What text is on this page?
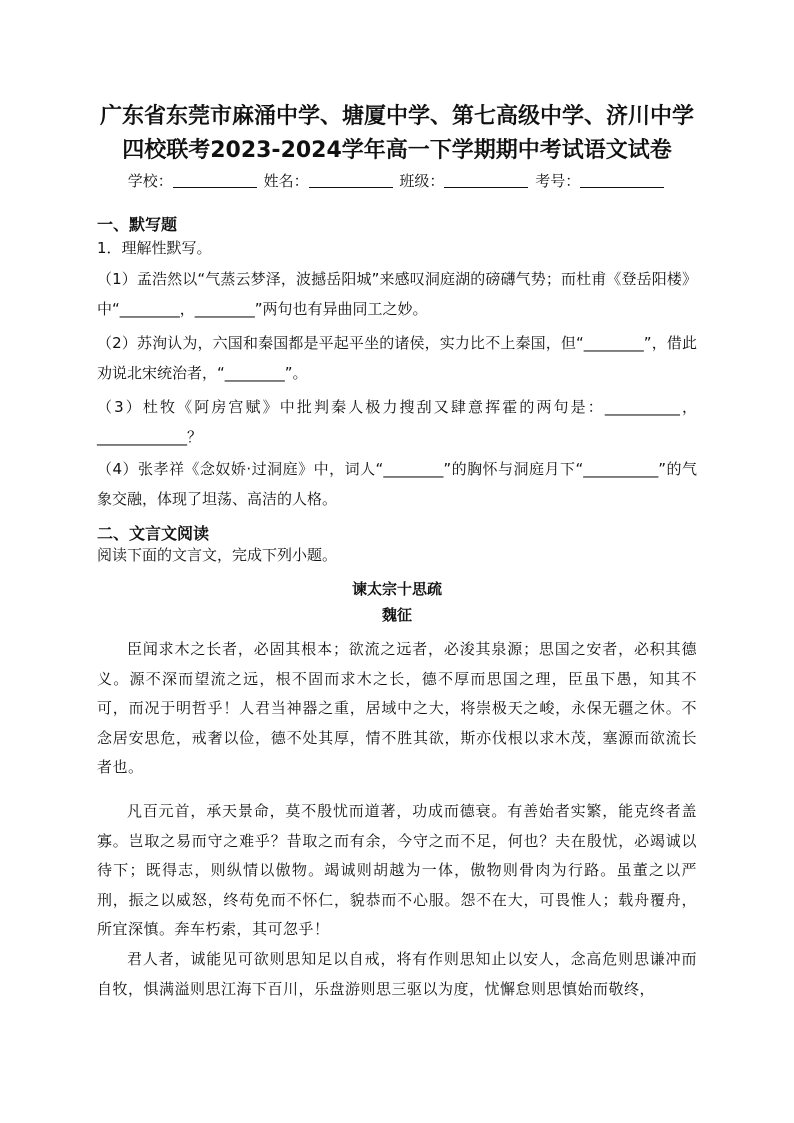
广东省东莞市麻涌中学、塘厦中学、第七高级中学、济川中学四校联考2023-2024学年高一下学期期中考试语文试卷
学校：	姓名：	班级：	考号：
一、默写题

1．理解性默写。

（1）孟浩然以“气蒸云梦泽，波撼岳阳城”来感叹洞庭湖的磅礴气势；而杜甫《登岳阳楼》中“________，________”两句也有异曲同工之妙。

（2）苏洵认为，六国和秦国都是平起平坐的诸侯，实力比不上秦国，但“________”，借此劝说北宋统治者，“________”。

（3）杜牧《阿房宫赋》中批判秦人极力搜刮又肆意挥霍的两句是：__________，____________？

（4）张孝祥《念奴娇·过洞庭》中，词人“________”的胸怀与洞庭月下“__________”的气象交融，体现了坦荡、高洁的人格。

二、文言文阅读

阅读下面的文言文，完成下列小题。

谏太宗十思疏

魏征

臣闻求木之长者，必固其根本；欲流之远者，必浚其泉源；思国之安者，必积其德义。源不深而望流之远，根不固而求木之长，德不厚而思国之理，臣虽下愚，知其不可，而况于明哲乎！人君当神器之重，居域中之大，将崇极天之峻，永保无疆之休。不念居安思危，戒奢以俭，德不处其厚，情不胜其欲，斯亦伐根以求木茂，塞源而欲流长者也。

凡百元首，承天景命，莫不殷忧而道著，功成而德衰。有善始者实繁，能克终者盖寡。岂取之易而守之难乎？昔取之而有余，今守之而不足，何也？夫在殷忧，必竭诚以待下；既得志，则纵情以傲物。竭诚则胡越为一体，傲物则骨肉为行路。虽董之以严刑，振之以威怒，终苟免而不怀仁，貌恭而不心服。怨不在大，可畏惟人；载舟覆舟，所宜深慎。奔车朽索，其可忽乎！

君人者，诚能见可欲则思知足以自戒，将有作则思知止以安人，念高危则思谦冲而自牧，惧满溢则思江海下百川，乐盘游则思三驱以为度，忧懈怠则思慎始而敬终，
